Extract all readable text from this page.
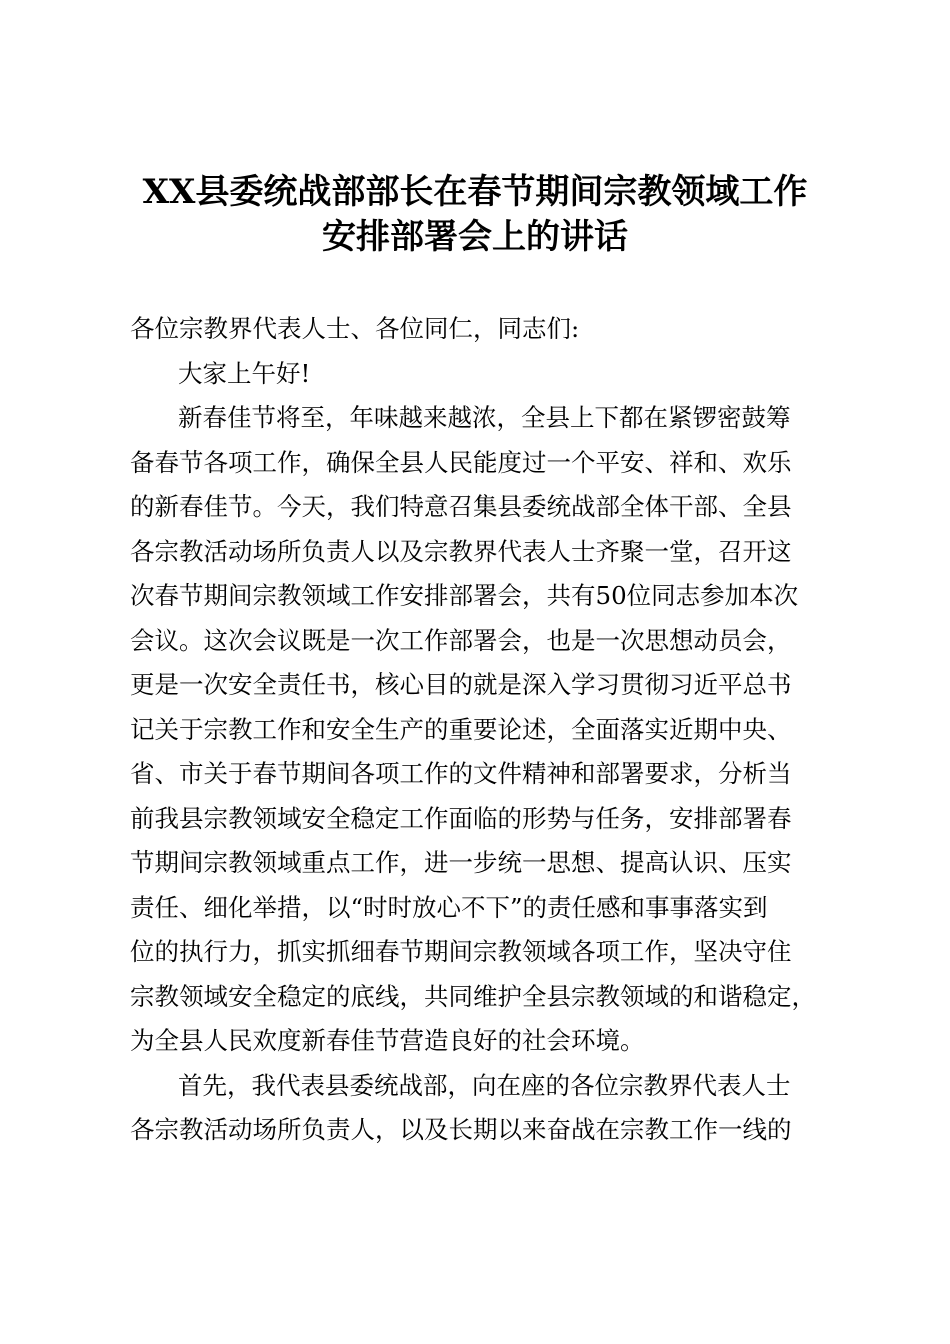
XX县委统战部部长在春节期间宗教领域工作
安排部署会上的讲话
各位宗教界代表人士、各位同仁，同志们:
大家上午好!
新春佳节将至，年味越来越浓，全县上下都在紧锣密鼓筹
备春节各项工作，确保全县人民能度过一个平安、祥和、欢乐
的新春佳节。今天，我们特意召集县委统战部全体干部、全县
各宗教活动场所负责人以及宗教界代表人士齐聚一堂，召开这
次春节期间宗教领域工作安排部署会，共有50位同志参加本次
会议。这次会议既是一次工作部署会，也是一次思想动员会，
更是一次安全责任书，核心目的就是深入学习贯彻习近平总书
记关于宗教工作和安全生产的重要论述，全面落实近期中央、
省、市关于春节期间各项工作的文件精神和部署要求，分析当
前我县宗教领域安全稳定工作面临的形势与任务，安排部署春
节期间宗教领域重点工作，进一步统一思想、提高认识、压实
责任、细化举措，以“时时放心不下”的责任感和事事落实到
位的执行力，抓实抓细春节期间宗教领域各项工作，坚决守住
宗教领域安全稳定的底线，共同维护全县宗教领域的和谐稳定，
为全县人民欢度新春佳节营造良好的社会环境。
首先，我代表县委统战部，向在座的各位宗教界代表人士
各宗教活动场所负责人，以及长期以来奋战在宗教工作一线的
